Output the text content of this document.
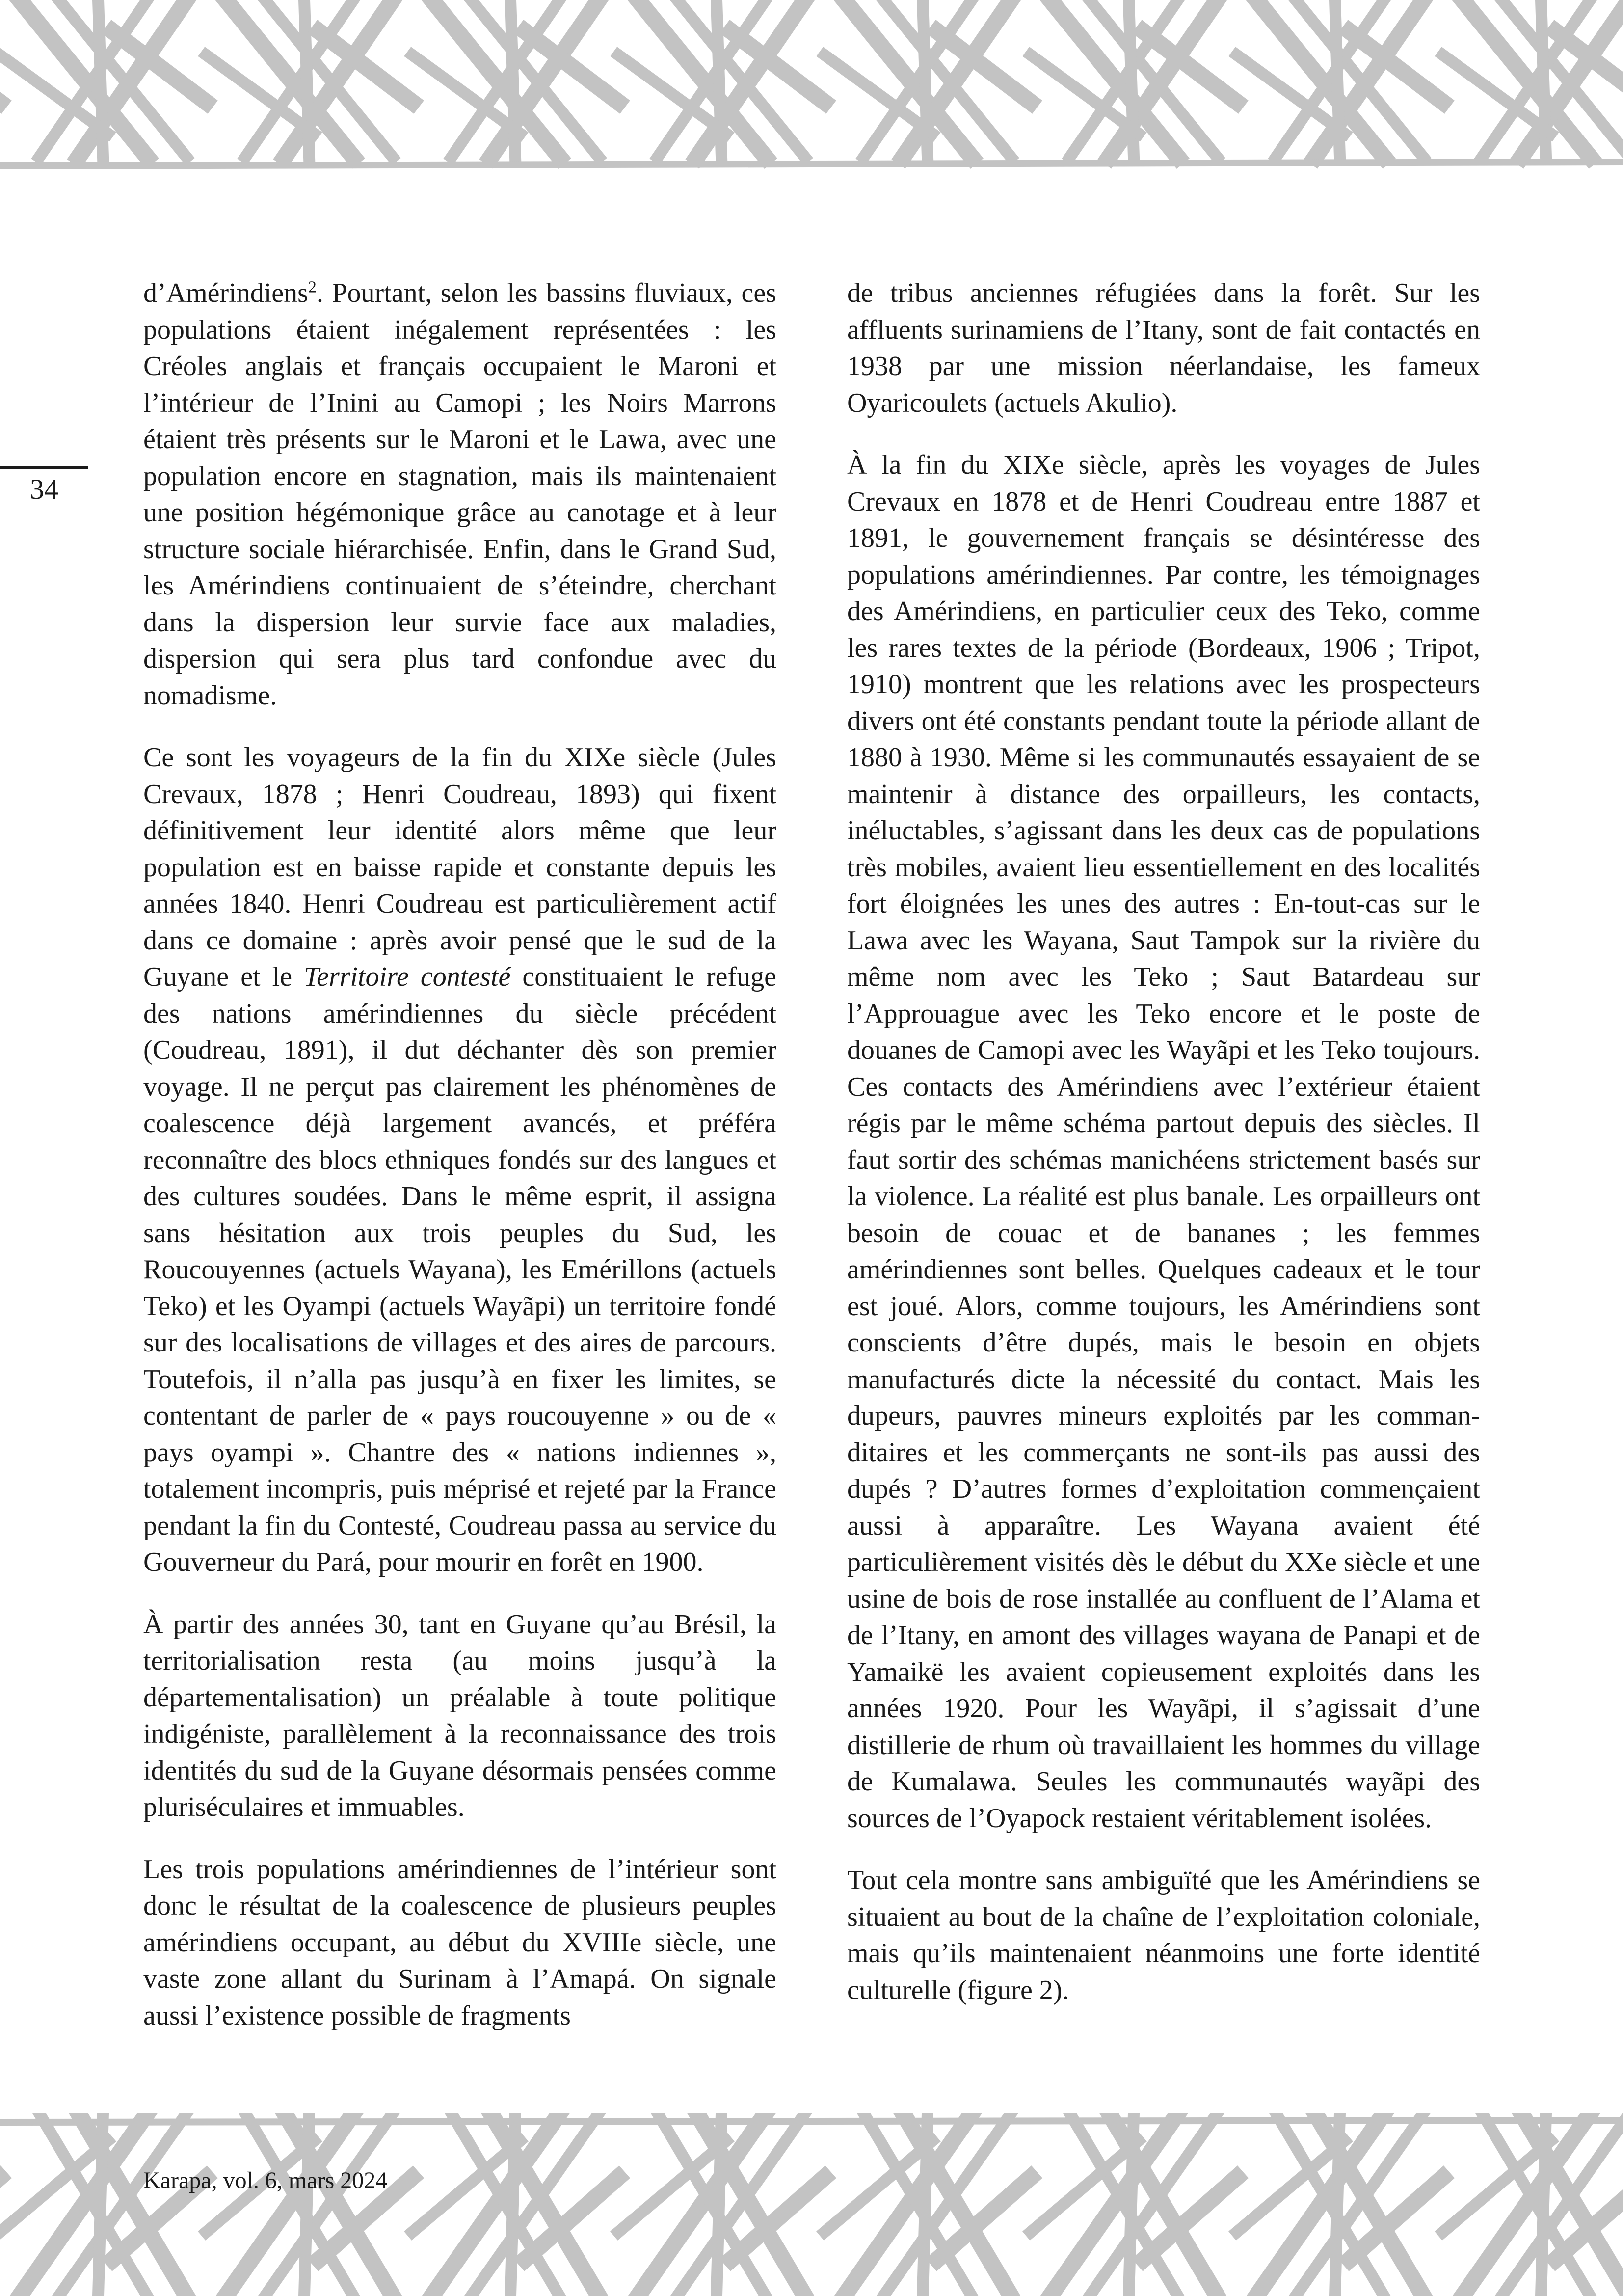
34

d’Amérindiens$^2$. Pourtant, selon les bassins fluviaux, ces populations étaient inégalement représentées : les Créoles anglais et français occupaient le Maroni et l’intérieur de l’Inini au Camopi ; les Noirs Marrons étaient très présents sur le Maroni et le Lawa, avec une population encore en stagnation, mais ils maintenaient une position hégémonique grâce au canotage et à leur structure sociale hiérarchisée. Enfin, dans le Grand Sud, les Amérindiens continuaient de s’éteindre, cherchant dans la dispersion leur survie face aux maladies, dispersion qui sera plus tard confondue avec du nomadisme.

Ce sont les voyageurs de la fin du XIXe siècle (Jules Crevaux, 1878 ; Henri Coudreau, 1893) qui fixent définitivement leur identité alors même que leur population est en baisse rapide et constante depuis les années 1840. Henri Coudreau est particulièrement actif dans ce domaine : après avoir pensé que le sud de la Guyane et le Territoire contesté constituaient le refuge des nations amérindiennes du siècle précédent (Coudreau, 1891), il dut déchanter dès son premier voyage. Il ne perçut pas clairement les phénomènes de coalescence déjà largement avancés, et préféra reconnaître des blocs ethniques fondés sur des langues et des cultures soudées. Dans le même esprit, il assigna sans hésitation aux trois peuples du Sud, les Roucouyennes (actuels Wayana), les Emérillons (actuels Teko) et les Oyampi (actuels Wayãpi) un territoire fondé sur des localisations de villages et des aires de parcours. Toutefois, il n’alla pas jusqu’à en fixer les limites, se contentant de parler de « pays roucouyenne » ou de « pays oyampi ». Chantre des « nations indiennes », totalement incompris, puis méprisé et rejeté par la France pendant la fin du Contesté, Coudreau passa au service du Gouverneur du Pará, pour mourir en forêt en 1900.

À partir des années 30, tant en Guyane qu’au Brésil, la territorialisation resta (au moins jusqu’à la départementalisation) un préalable à toute politique indigéniste, parallèlement à la reconnaissance des trois identités du sud de la Guyane désormais pensées comme pluriséculaires et immuables.

Les trois populations amérindiennes de l’intérieur sont donc le résultat de la coalescence de plusieurs peuples amérindiens occupant, au début du XVIIIe siècle, une vaste zone allant du Surinam à l’Amapá. On signale aussi l’existence possible de fragments

de tribus anciennes réfugiées dans la forêt. Sur les affluents surinamiens de l’Itany, sont de fait contactés en 1938 par une mission néerlandaise, les fameux Oyaricoulets (actuels Akulio).

À la fin du XIXe siècle, après les voyages de Jules Crevaux en 1878 et de Henri Coudreau entre 1887 et 1891, le gouvernement français se désintéresse des populations amérindiennes. Par contre, les témoignages des Amérindiens, en particulier ceux des Teko, comme les rares textes de la période (Bordeaux, 1906 ; Tripot, 1910) montrent que les relations avec les prospecteurs divers ont été constants pendant toute la période allant de 1880 à 1930. Même si les communautés essayaient de se maintenir à distance des orpailleurs, les contacts, inéluctables, s’agissant dans les deux cas de populations très mobiles, avaient lieu essentiellement en des localités fort éloignées les unes des autres : En-tout-cas sur le Lawa avec les Wayana, Saut Tampok sur la rivière du même nom avec les Teko ; Saut Batardeau sur l’Approuague avec les Teko encore et le poste de douanes de Camopi avec les Wayãpi et les Teko toujours. Ces contacts des Amérindiens avec l’extérieur étaient régis par le même schéma partout depuis des siècles. Il faut sortir des schémas manichéens strictement basés sur la violence. La réalité est plus banale. Les orpailleurs ont besoin de couac et de bananes ; les femmes amérindiennes sont belles. Quelques cadeaux et le tour est joué. Alors, comme toujours, les Amérindiens sont conscients d’être dupés, mais le besoin en objets manufacturés dicte la nécessité du contact. Mais les dupeurs, pauvres mineurs exploités par les commanditaires et les commerçants ne sont-ils pas aussi des dupés ? D’autres formes d’exploitation commençaient aussi à apparaître. Les Wayana avaient été particulièrement visités dès le début du XXe siècle et une usine de bois de rose installée au confluent de l’Alama et de l’Itany, en amont des villages wayana de Panapi et de Yamaikë les avaient copieusement exploités dans les années 1920. Pour les Wayãpi, il s’agissait d’une distillerie de rhum où travaillaient les hommes du village de Kumalawa. Seules les communautés wayãpi des sources de l’Oyapock restaient véritablement isolées.

Tout cela montre sans ambiguïté que les Amérindiens se situaient au bout de la chaîne de l’exploitation coloniale, mais qu’ils maintenaient néanmoins une forte identité culturelle (figure 2).

Karapa, vol. 6, mars 2024
